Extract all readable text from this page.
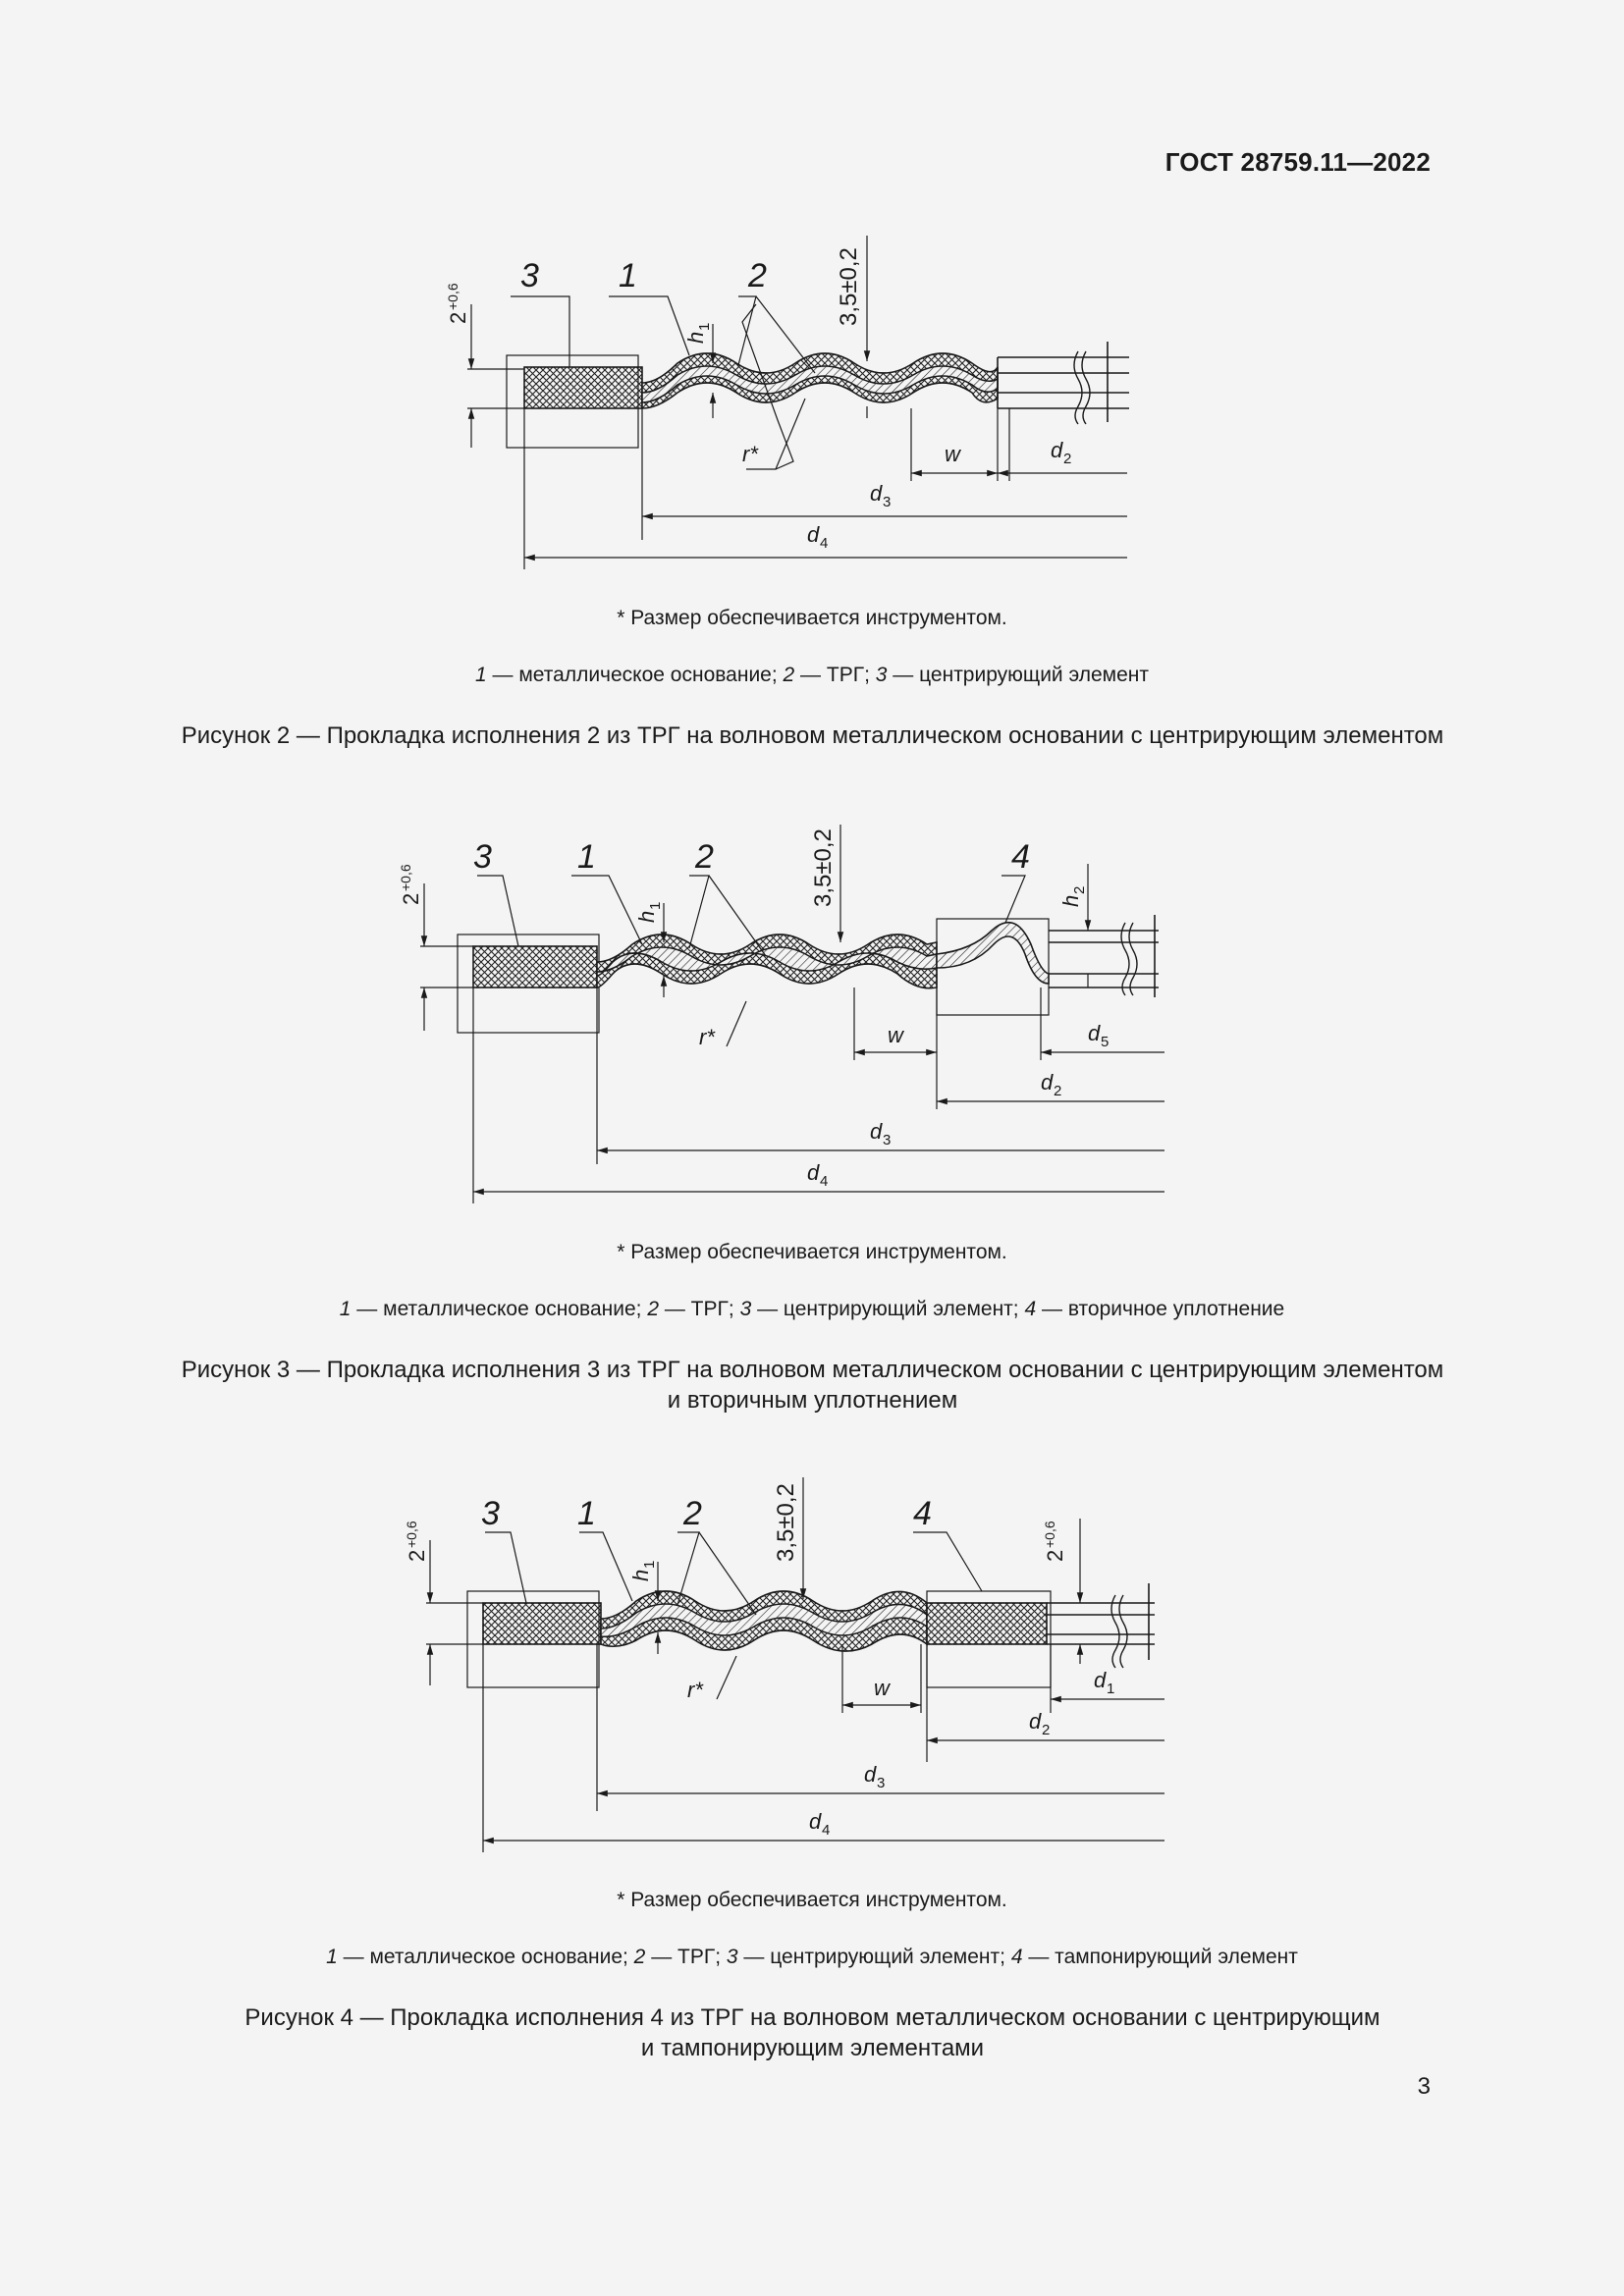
ГОСТ 28759.11—2022
3 1	2
2
+0,6	3,5±0,2
h
1
r*	w	d 2
d 3
d 4
* Размер обеспечивается инструментом.
1 — металлическое основание; 2 — ТРГ; 3 — центрирующий элемент
Рисунок 2 — Прокладка исполнения 2 из ТРГ на волновом металлическом основании с центрирующим элементом
3	1	2	4
2
+0,6	3,5±0,2
h
1	h
2
r*	w	d 5
d 2
d 3
d 4
* Размер обеспечивается инструментом.
1 — металлическое основание; 2 — ТРГ; 3 — центрирующий элемент; 4 — вторичное уплотнение
Рисунок 3 — Прокладка исполнения 3 из ТРГ на волновом металлическом основании с центрирующим элементом
и вторичным уплотнением
3 1	2	4
2
+0,6
2
+0,6
3,5±0,2
h
1
r*	w	d 1
d 2
d 3
d 4
* Размер обеспечивается инструментом.
1 — металлическое основание; 2 — ТРГ; 3 — центрирующий элемент; 4 — тампонирующий элемент
Рисунок 4 — Прокладка исполнения 4 из ТРГ на волновом металлическом основании с центрирующим
и тампонирующим элементами
3
